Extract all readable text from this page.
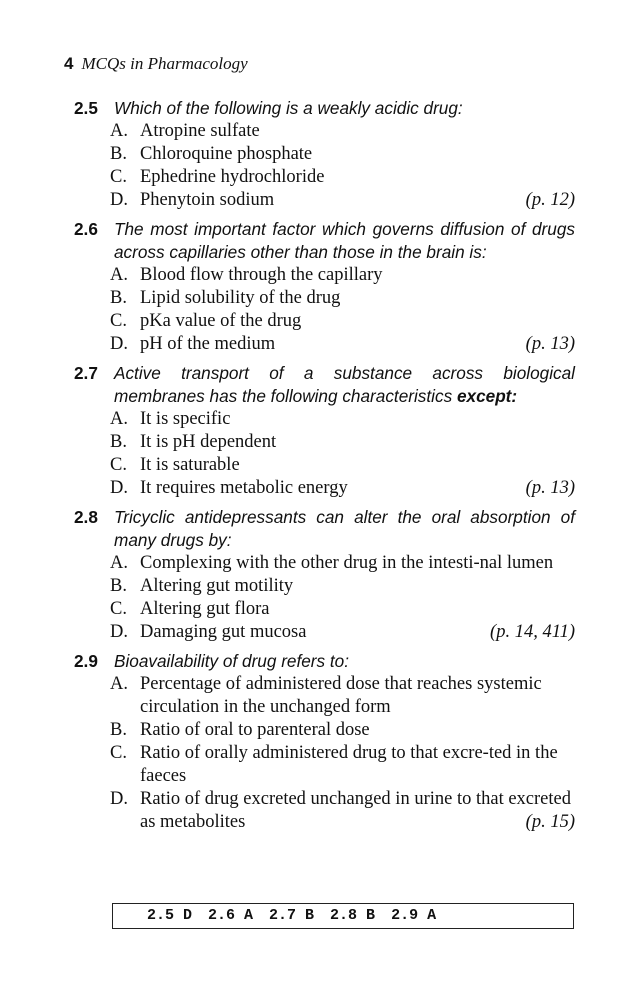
4 MCQs in Pharmacology
2.5 Which of the following is a weakly acidic drug:
A. Atropine sulfate
B. Chloroquine phosphate
C. Ephedrine hydrochloride
D. Phenytoin sodium	(p. 12)
2.6 The most important factor which governs diffusion of drugs across capillaries other than those in the brain is:
A. Blood flow through the capillary
B. Lipid solubility of the drug
C. pKa value of the drug
D. pH of the medium	(p. 13)
2.7 Active transport of a substance across biological membranes has the following characteristics except:
A. It is specific
B. It is pH dependent
C. It is saturable
D. It requires metabolic energy	(p. 13)
2.8 Tricyclic antidepressants can alter the oral absorption of many drugs by:
A. Complexing with the other drug in the intesti-nal lumen
B. Altering gut motility
C. Altering gut flora
D. Damaging gut mucosa	(p. 14, 411)
2.9 Bioavailability of drug refers to:
A. Percentage of administered dose that reaches systemic circulation in the unchanged form
B. Ratio of oral to parenteral dose
C. Ratio of orally administered drug to that excre-ted in the faeces
D. Ratio of drug excreted unchanged in urine to that excreted as metabolites	(p. 15)
2.5 D 2.6 A 2.7 B 2.8 B 2.9 A
